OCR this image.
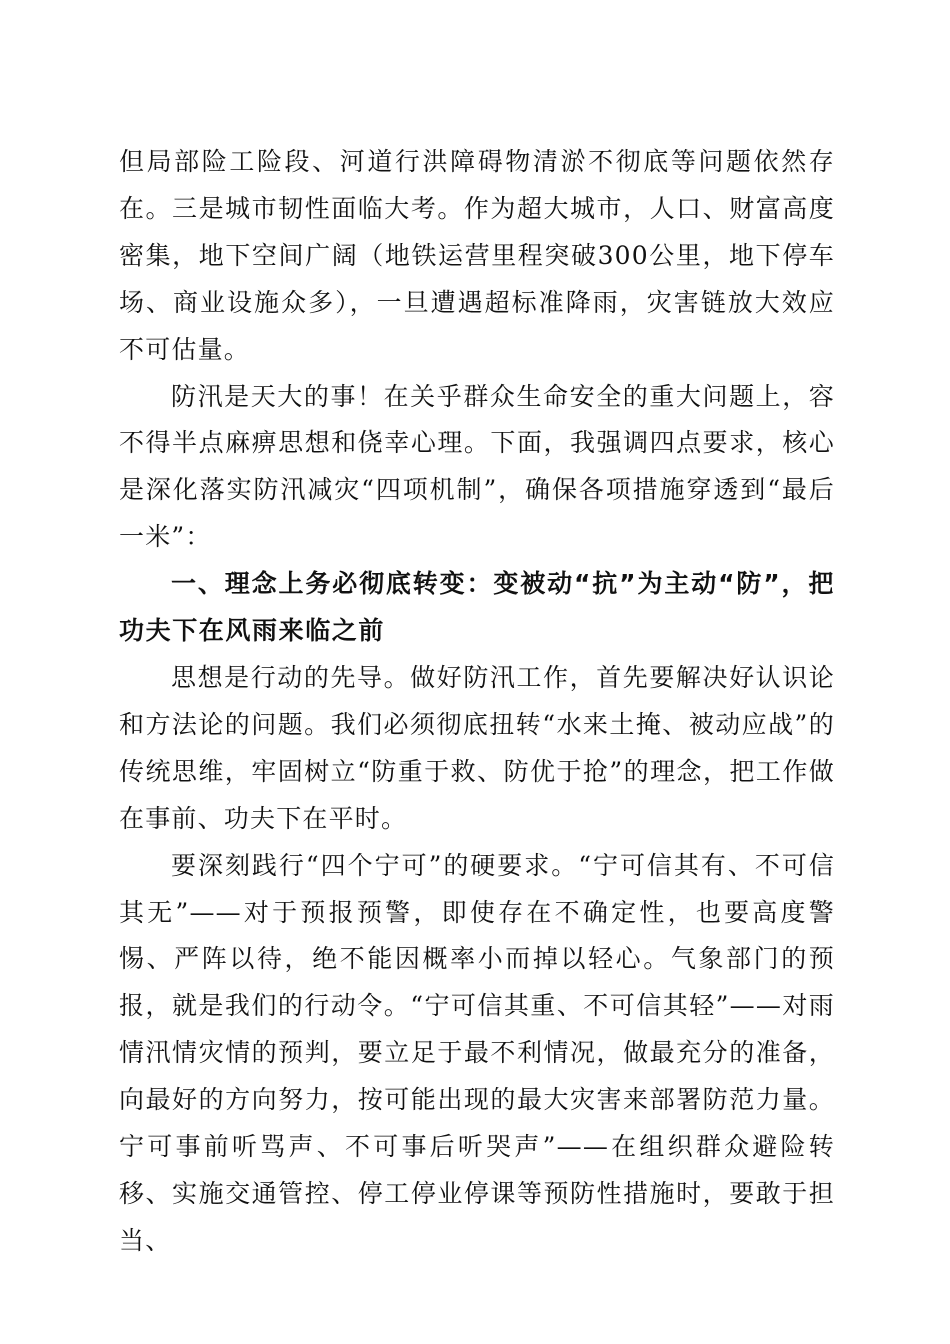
但局部险工险段、河道行洪障碍物清淤不彻底等问题依然存在。三是城市韧性面临大考。作为超大城市，人口、财富高度密集，地下空间广阔（地铁运营里程突破300公里，地下停车场、商业设施众多），一旦遭遇超标准降雨，灾害链放大效应不可估量。

防汛是天大的事！在关乎群众生命安全的重大问题上，容不得半点麻痹思想和侥幸心理。下面，我强调四点要求，核心是深化落实防汛减灾“四项机制”，确保各项措施穿透到“最后一米”：

一、理念上务必彻底转变：变被动“抗”为主动“防”，把功夫下在风雨来临之前

思想是行动的先导。做好防汛工作，首先要解决好认识论和方法论的问题。我们必须彻底扭转“水来土掩、被动应战”的传统思维，牢固树立“防重于救、防优于抢”的理念，把工作做在事前、功夫下在平时。

要深刻践行“四个宁可”的硬要求。“宁可信其有、不可信其无”——对于预报预警，即使存在不确定性，也要高度警惕、严阵以待，绝不能因概率小而掉以轻心。气象部门的预报，就是我们的行动令。“宁可信其重、不可信其轻”——对雨情汛情灾情的预判，要立足于最不利情况，做最充分的准备，向最好的方向努力，按可能出现的最大灾害来部署防范力量。宁可事前听骂声、不可事后听哭声”——在组织群众避险转移、实施交通管控、停工停业停课等预防性措施时，要敢于担当、
